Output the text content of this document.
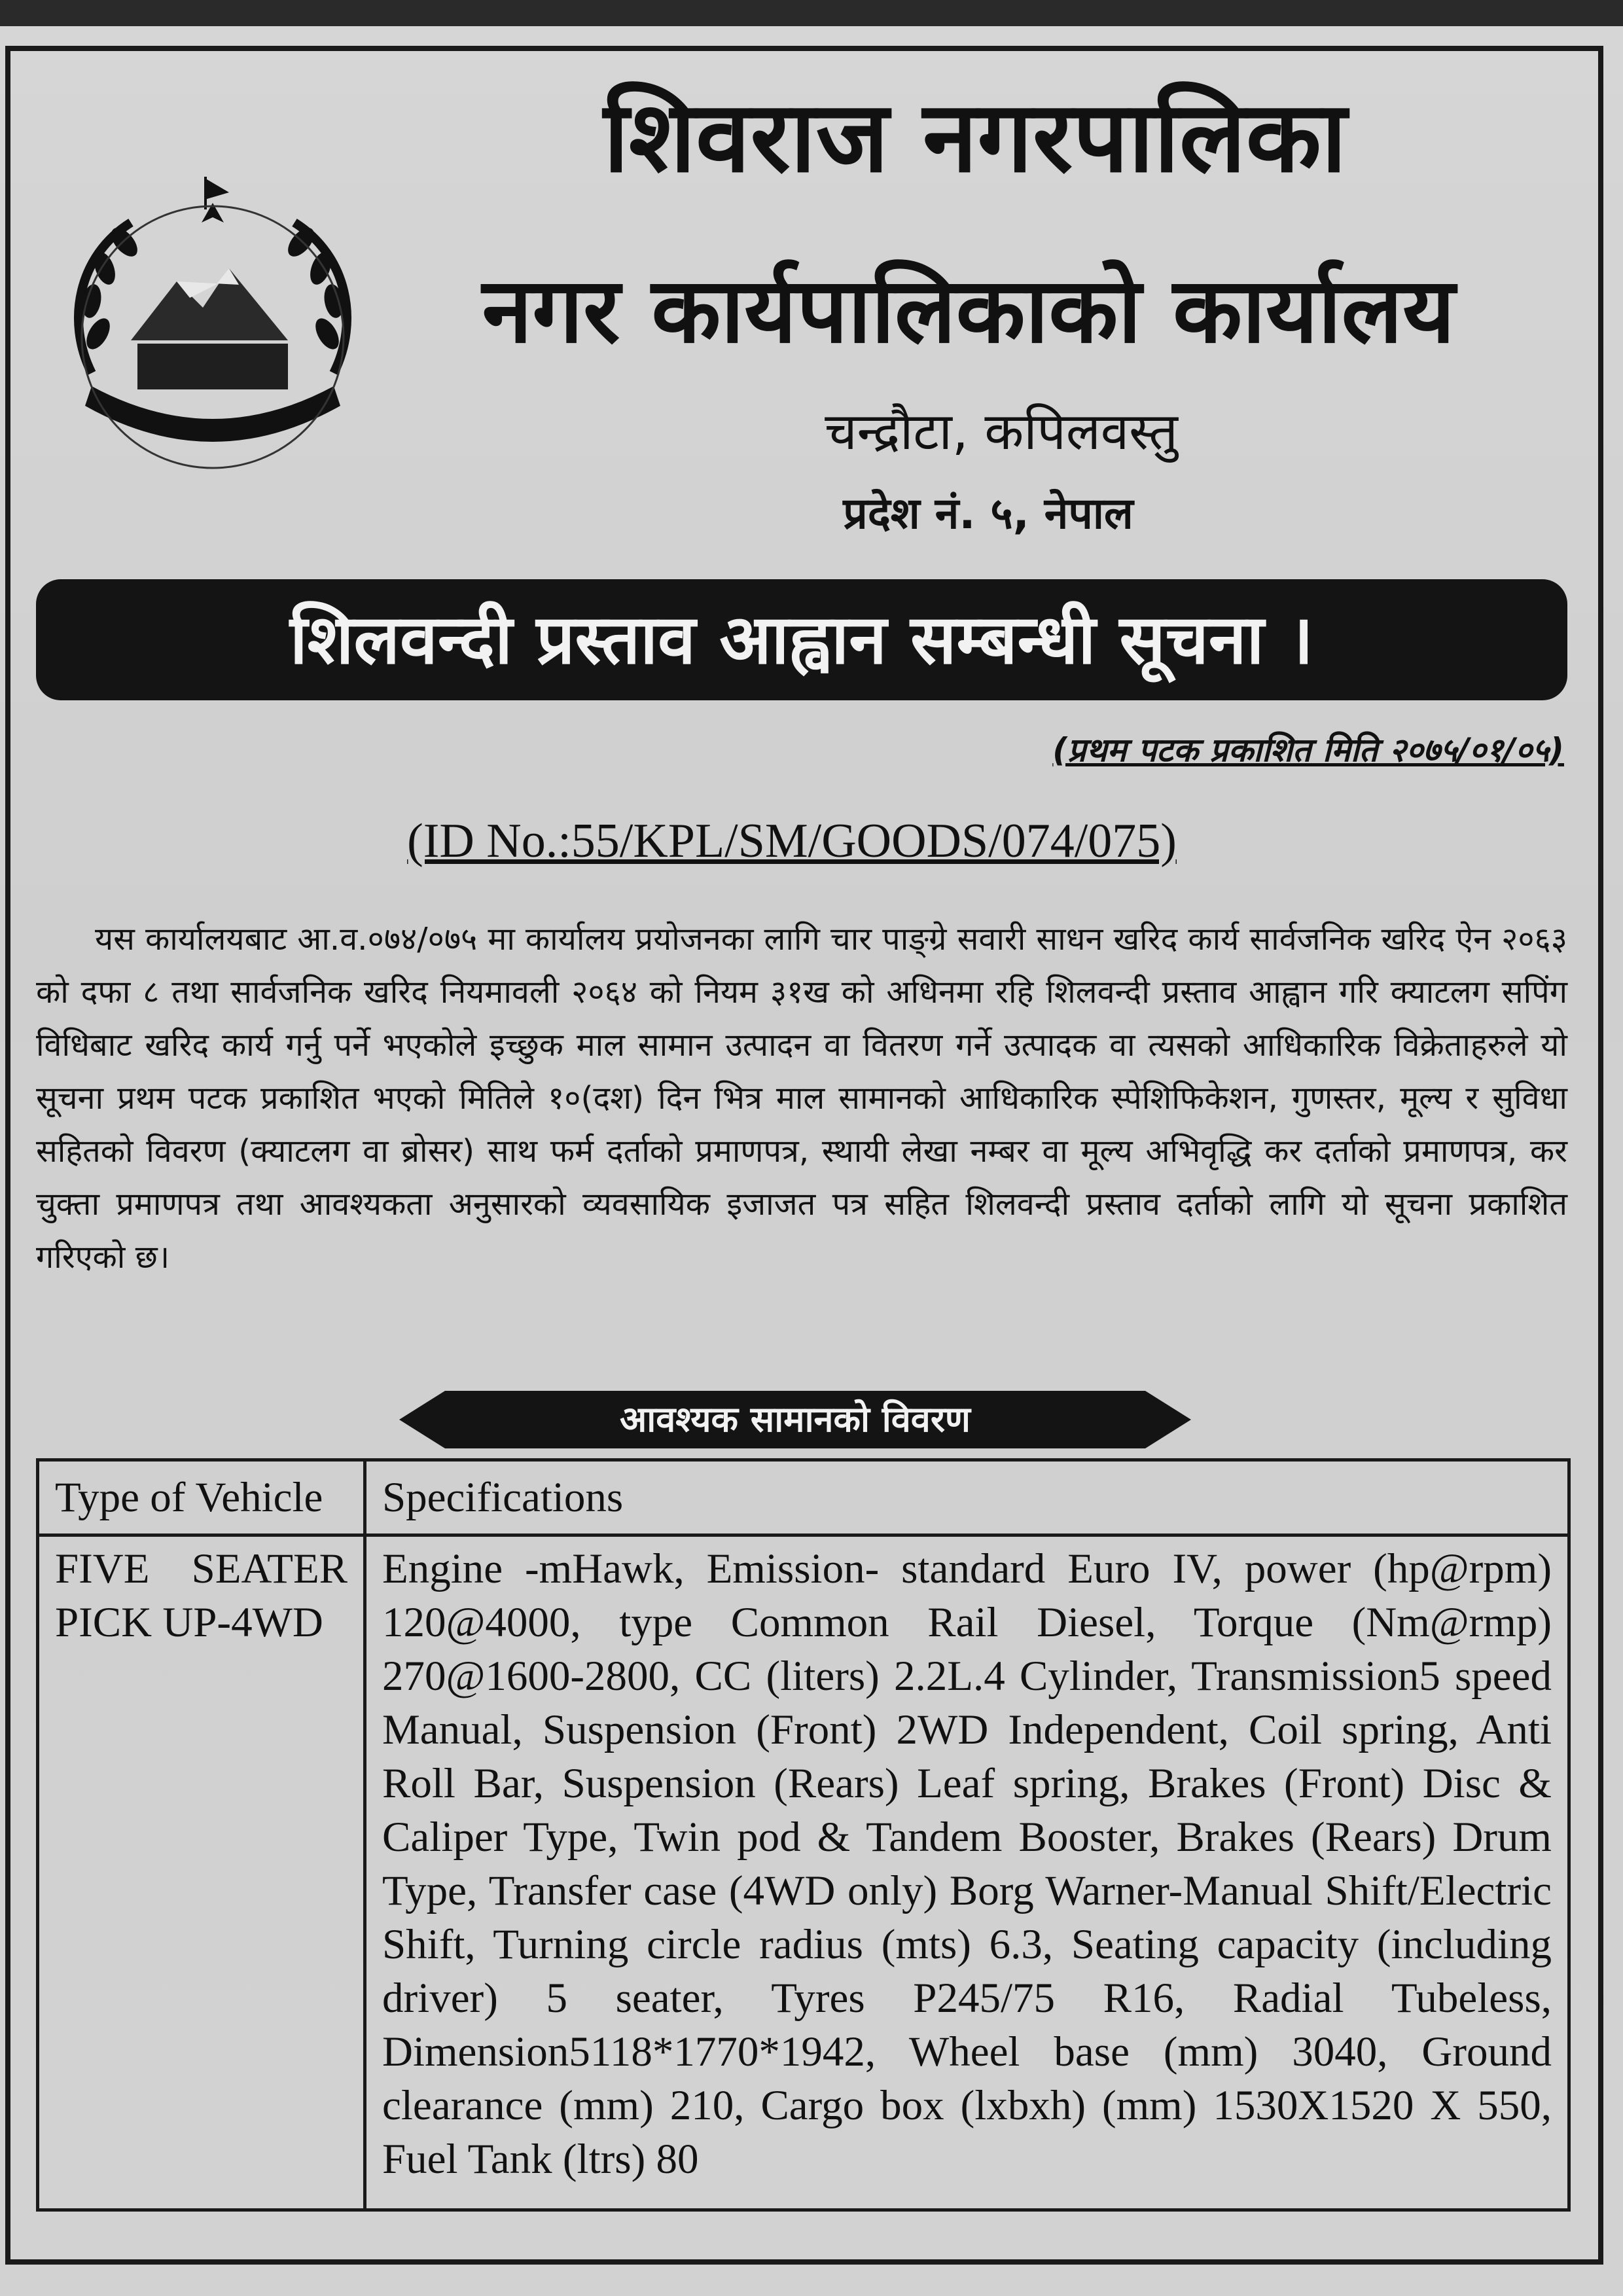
शिवराज नगरपालिका
नगर कार्यपालिकाको कार्यालय
चन्द्रौटा, कपिलवस्तु
प्रदेश नं. ५, नेपाल
शिलवन्दी प्रस्ताव आह्वान सम्बन्धी सूचना ।
(प्रथम पटक प्रकाशित मिति २०७५/०१/०५)
(ID No.:55/KPL/SM/GOODS/074/075)
यस कार्यालयबाट आ.व.०७४/०७५ मा कार्यालय प्रयोजनका लागि चार पाङ्ग्रे सवारी साधन खरिद कार्य सार्वजनिक खरिद ऐन २०६३ को दफा ८ तथा सार्वजनिक खरिद नियमावली २०६४ को नियम ३१ख को अधिनमा रहि शिलवन्दी प्रस्ताव आह्वान गरि क्याटलग सपिंग विधिबाट खरिद कार्य गर्नु पर्ने भएकोले इच्छुक माल सामान उत्पादन वा वितरण गर्ने उत्पादक वा त्यसको आधिकारिक विक्रेताहरुले यो सूचना प्रथम पटक प्रकाशित भएको मितिले १०(दश) दिन भित्र माल सामानको आधिकारिक स्पेशिफिकेशन, गुणस्तर, मूल्य र सुविधा सहितको विवरण (क्याटलग वा ब्रोसर) साथ फर्म दर्ताको प्रमाणपत्र, स्थायी लेखा नम्बर वा मूल्य अभिवृद्धि कर दर्ताको प्रमाणपत्र, कर चुक्ता प्रमाणपत्र तथा आवश्यकता अनुसारको व्यवसायिक इजाजत पत्र सहित शिलवन्दी प्रस्ताव दर्ताको लागि यो सूचना प्रकाशित गरिएको छ।
आवश्यक सामानको विवरण
Type of Vehicle	Specifications
FIVE SEATER PICK UP-4WD	Engine -mHawk, Emission- standard Euro IV, power (hp@rpm) 120@4000, type Common Rail Diesel, Torque (Nm@rmp) 270@1600-2800, CC (liters) 2.2L.4 Cylinder, Transmission5 speed Manual, Suspension (Front) 2WD Independent, Coil spring, Anti Roll Bar, Suspension (Rears) Leaf spring, Brakes (Front) Disc & Caliper Type, Twin pod & Tandem Booster, Brakes (Rears) Drum Type, Transfer case (4WD only) Borg Warner-Manual Shift/Electric Shift, Turning circle radius (mts) 6.3, Seating capacity (including driver) 5 seater, Tyres P245/75 R16, Radial Tubeless, Dimension5118*1770*1942, Wheel base (mm) 3040, Ground clearance (mm) 210, Cargo box (lxbxh) (mm) 1530X1520 X 550, Fuel Tank (ltrs) 80
